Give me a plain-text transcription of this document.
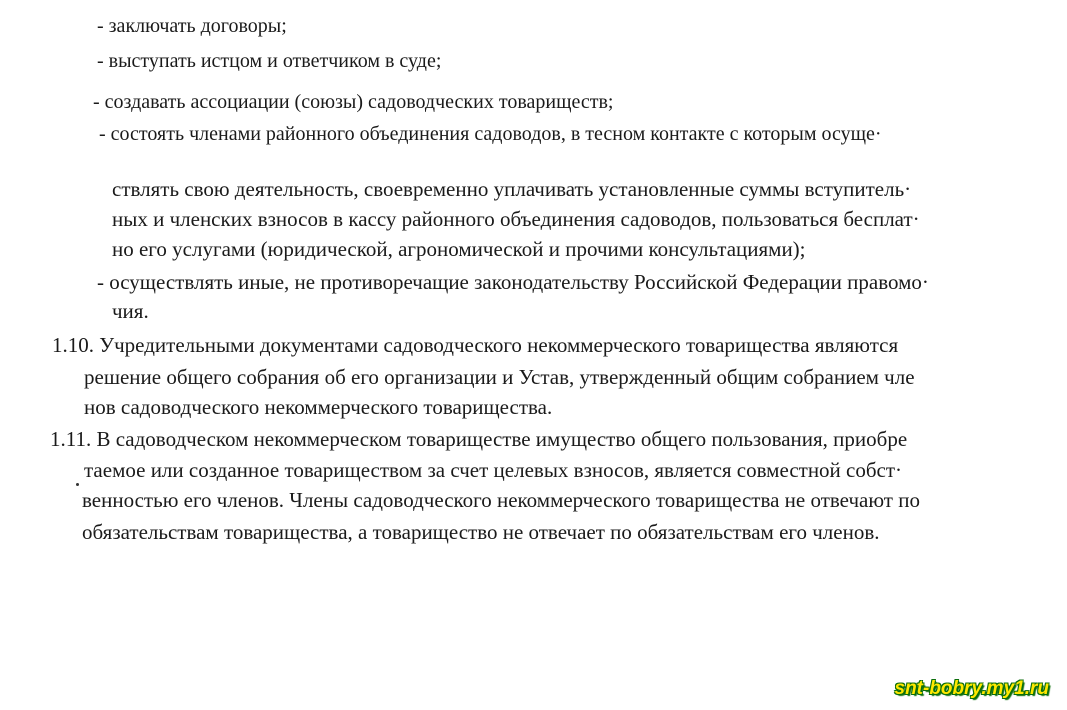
- заключать договоры;
- выступать истцом и ответчиком в суде;
- создавать ассоциации (союзы) садоводческих товариществ;
- состоять членами районного объединения садоводов, в тесном контакте с которым осуще·
ствлять свою деятельность, своевременно уплачивать установленные суммы вступитель·
ных и членских взносов в кассу районного объединения садоводов, пользоваться бесплат·
но его услугами (юридической, агрономической и прочими консультациями);
- осуществлять иные, не противоречащие законодательству Российской Федерации правомо·
чия.
1.10. Учредительными документами садоводческого некоммерческого товарищества являются
решение общего собрания об его организации и Устав, утвержденный общим собранием чле
нов садоводческого некоммерческого товарищества.
1.11. В садоводческом некоммерческом товариществе имущество общего пользования, приобре
таемое или созданное товариществом за счет целевых взносов, является совместной собст·
венностью его членов. Члены садоводческого некоммерческого товарищества не отвечают по
обязательствам товарищества, а товарищество не отвечает по обязательствам его членов.
snt-bobry.my1.ru
